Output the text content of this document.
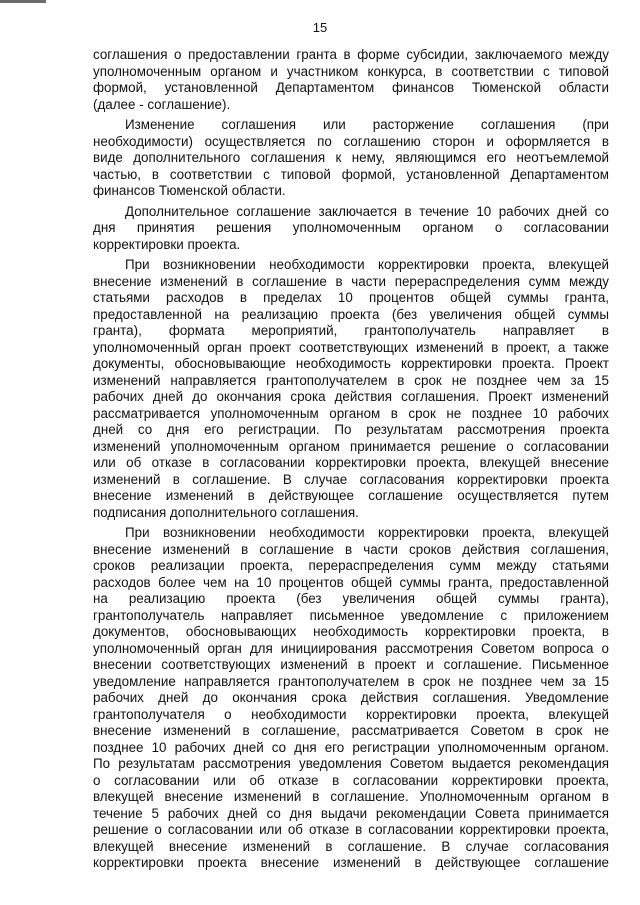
15
соглашения о предоставлении гранта в форме субсидии, заключаемого между
уполномоченным органом и участником конкурса, в соответствии с типовой
формой, установленной Департаментом финансов Тюменской области
(далее - соглашение).
Изменение соглашения или расторжение соглашения (при
необходимости) осуществляется по соглашению сторон и оформляется в
виде дополнительного соглашения к нему, являющимся его неотъемлемой
частью, в соответствии с типовой формой, установленной Департаментом
финансов Тюменской области.
Дополнительное соглашение заключается в течение 10 рабочих дней со
дня принятия решения уполномоченным органом о согласовании
корректировки проекта.
При возникновении необходимости корректировки проекта, влекущей
внесение изменений в соглашение в части перераспределения сумм между
статьями расходов в пределах 10 процентов общей суммы гранта,
предоставленной на реализацию проекта (без увеличения общей суммы
гранта), формата мероприятий, грантополучатель направляет в
уполномоченный орган проект соответствующих изменений в проект, а также
документы, обосновывающие необходимость корректировки проекта. Проект
изменений направляется грантополучателем в срок не позднее чем за 15
рабочих дней до окончания срока действия соглашения. Проект изменений
рассматривается уполномоченным органом в срок не позднее 10 рабочих
дней со дня его регистрации. По результатам рассмотрения проекта
изменений уполномоченным органом принимается решение о согласовании
или об отказе в согласовании корректировки проекта, влекущей внесение
изменений в соглашение. В случае согласования корректировки проекта
внесение изменений в действующее соглашение осуществляется путем
подписания дополнительного соглашения.
При возникновении необходимости корректировки проекта, влекущей
внесение изменений в соглашение в части сроков действия соглашения,
сроков реализации проекта, перераспределения сумм между статьями
расходов более чем на 10 процентов общей суммы гранта, предоставленной
на реализацию проекта (без увеличения общей суммы гранта),
грантополучатель направляет письменное уведомление с приложением
документов, обосновывающих необходимость корректировки проекта, в
уполномоченный орган для инициирования рассмотрения Советом вопроса о
внесении соответствующих изменений в проект и соглашение. Письменное
уведомление направляется грантополучателем в срок не позднее чем за 15
рабочих дней до окончания срока действия соглашения. Уведомление
грантополучателя о необходимости корректировки проекта, влекущей
внесение изменений в соглашение, рассматривается Советом в срок не
позднее 10 рабочих дней со дня его регистрации уполномоченным органом.
По результатам рассмотрения уведомления Советом выдается рекомендация
о согласовании или об отказе в согласовании корректировки проекта,
влекущей внесение изменений в соглашение. Уполномоченным органом в
течение 5 рабочих дней со дня выдачи рекомендации Совета принимается
решение о согласовании или об отказе в согласовании корректировки проекта,
влекущей внесение изменений в соглашение. В случае согласования
корректировки проекта внесение изменений в действующее соглашение
